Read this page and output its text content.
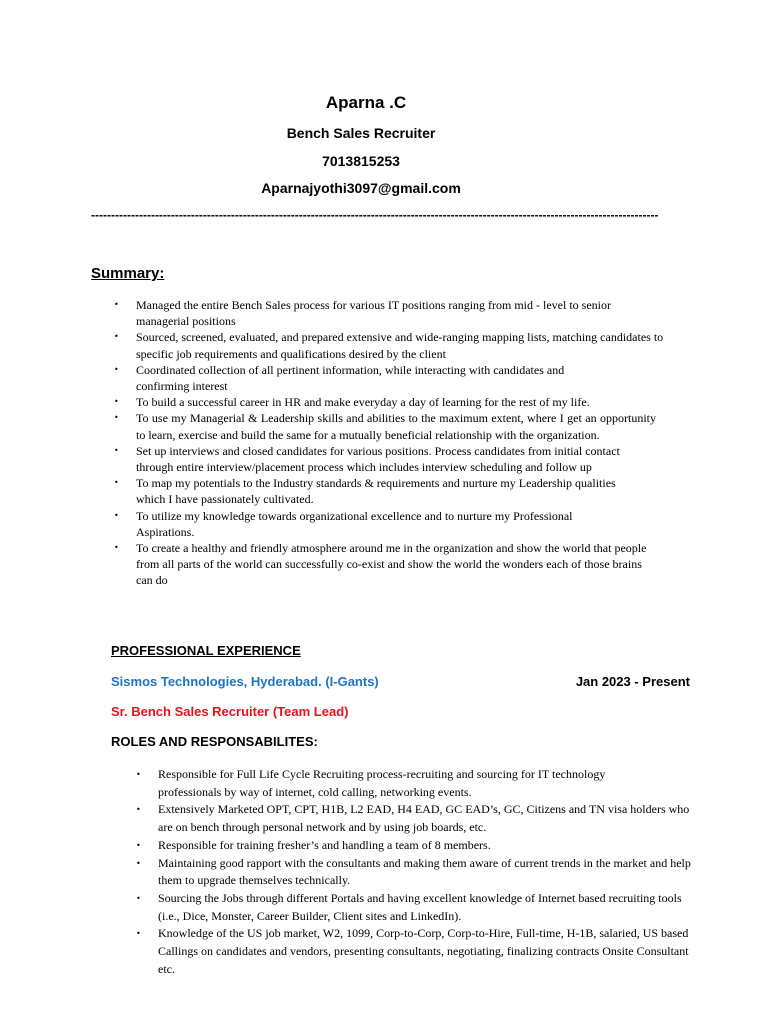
Aparna .C
Bench Sales Recruiter
7013815253
Aparnajyothi3097@gmail.com
----------------------------------------------------------------------------------------------------------------------------------------------
Summary:
• Managed the entire Bench Sales process for various IT positions ranging from mid - level to senior managerial positions
• Sourced, screened, evaluated, and prepared extensive and wide-ranging mapping lists, matching candidates to specific job requirements and qualifications desired by the client
• Coordinated collection of all pertinent information, while interacting with candidates and confirming interest
• To build a successful career in HR and make everyday a day of learning for the rest of my life.
• To use my Managerial & Leadership skills and abilities to the maximum extent, where I get an opportunity to learn, exercise and build the same for a mutually beneficial relationship with the organization.
• Set up interviews and closed candidates for various positions. Process candidates from initial contact through entire interview/placement process which includes interview scheduling and follow up
• To map my potentials to the Industry standards & requirements and nurture my Leadership qualities which I have passionately cultivated.
• To utilize my knowledge towards organizational excellence and to nurture my Professional Aspirations.
• To create a healthy and friendly atmosphere around me in the organization and show the world that people from all parts of the world can successfully co-exist and show the world the wonders each of those brains can do
PROFESSIONAL EXPERIENCE
Sismos Technologies, Hyderabad. (I-Gants)	Jan 2023 - Present
Sr. Bench Sales Recruiter (Team Lead)
ROLES AND RESPONSABILITES:
• Responsible for Full Life Cycle Recruiting process-recruiting and sourcing for IT technology professionals by way of internet, cold calling, networking events.
• Extensively Marketed OPT, CPT, H1B, L2 EAD, H4 EAD, GC EAD’s, GC, Citizens and TN visa holders who are on bench through personal network and by using job boards, etc.
• Responsible for training fresher’s and handling a team of 8 members.
• Maintaining good rapport with the consultants and making them aware of current trends in the market and help them to upgrade themselves technically.
• Sourcing the Jobs through different Portals and having excellent knowledge of Internet based recruiting tools (i.e., Dice, Monster, Career Builder, Client sites and LinkedIn).
• Knowledge of the US job market, W2, 1099, Corp-to-Corp, Corp-to-Hire, Full-time, H-1B, salaried, US based Callings on candidates and vendors, presenting consultants, negotiating, finalizing contracts Onsite Consultant etc.
